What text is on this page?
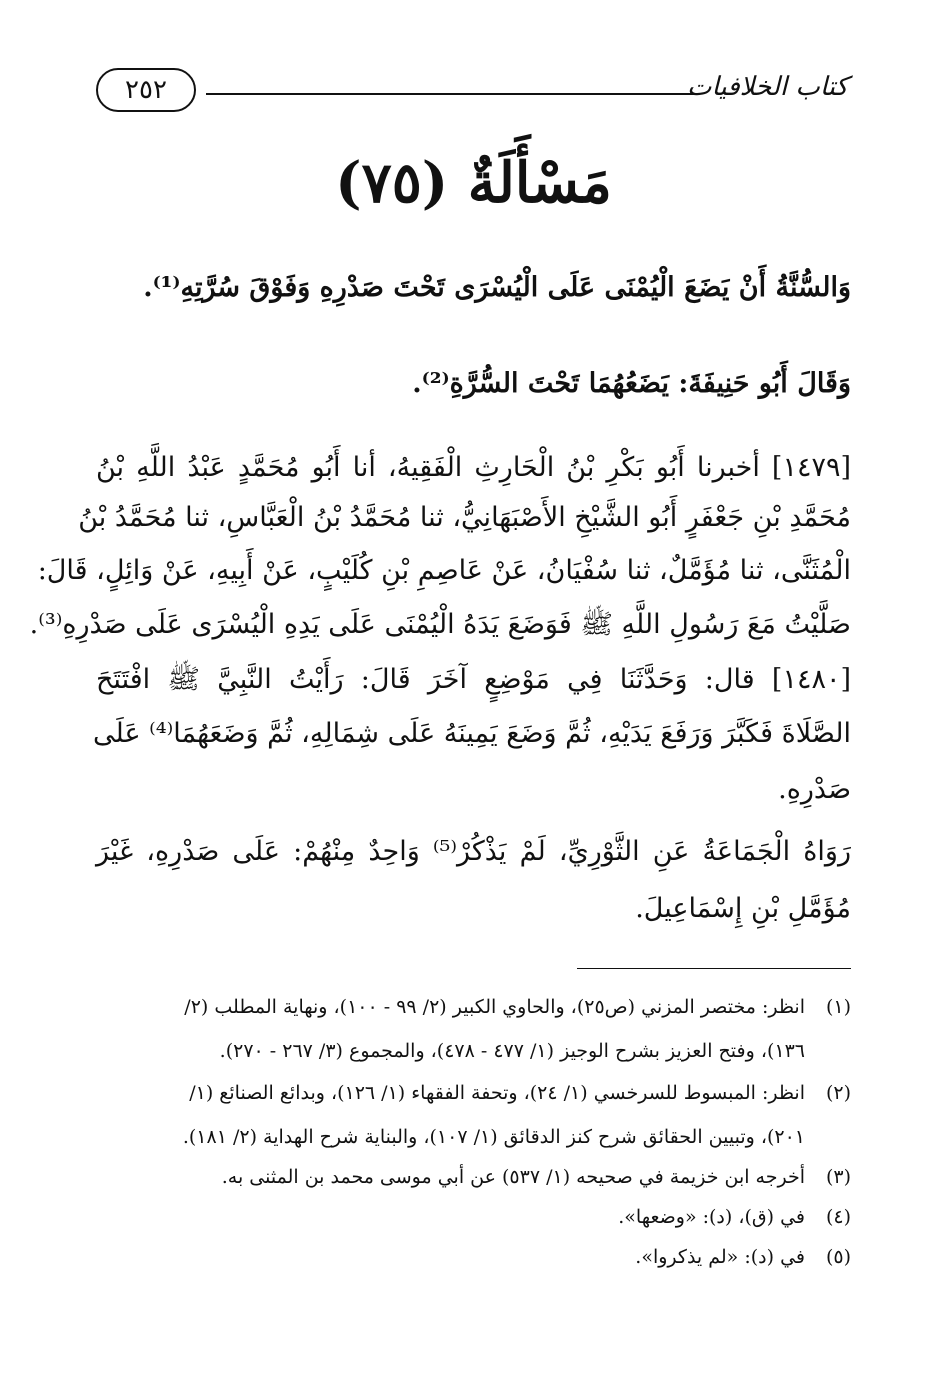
كتاب الخلافيات
٢٥٢
مَسْأَلَةٌ (٧٥)
وَالسُّنَّةُ أَنْ يَضَعَ الْيُمْنَى عَلَى الْيُسْرَى تَحْتَ صَدْرِهِ وَفَوْقَ سُرَّتِهِ⁽¹⁾.
وَقَالَ أَبُو حَنِيفَةَ: يَضَعُهُمَا تَحْتَ السُّرَّةِ⁽²⁾.
[١٤٧٩] أخبرنا أَبُو بَكْرِ بْنُ الْحَارِثِ الْفَقِيهُ، أنا أَبُو مُحَمَّدٍ عَبْدُ اللَّهِ بْنُ
مُحَمَّدِ بْنِ جَعْفَرٍ أَبُو الشَّيْخِ الأَصْبَهَانِيُّ، ثنا مُحَمَّدُ بْنُ الْعَبَّاسِ، ثنا مُحَمَّدُ بْنُ
الْمُثَنَّى، ثنا مُؤَمَّلٌ، ثنا سُفْيَانُ، عَنْ عَاصِمِ بْنِ كُلَيْبٍ، عَنْ أَبِيهِ، عَنْ وَائِلٍ، قَالَ:
صَلَّيْتُ مَعَ رَسُولِ اللَّهِ ﷺ فَوَضَعَ يَدَهُ الْيُمْنَى عَلَى يَدِهِ الْيُسْرَى عَلَى صَدْرِهِ⁽³⁾.
[١٤٨٠] قال: وَحَدَّثَنَا فِي مَوْضِعٍ آخَرَ قَالَ: رَأَيْتُ النَّبِيَّ ﷺ افْتَتَحَ
الصَّلَاةَ فَكَبَّرَ وَرَفَعَ يَدَيْهِ، ثُمَّ وَضَعَ يَمِينَهُ عَلَى شِمَالِهِ، ثُمَّ وَضَعَهُمَا⁽⁴⁾ عَلَى
صَدْرِهِ.
رَوَاهُ الْجَمَاعَةُ عَنِ الثَّوْرِيِّ، لَمْ يَذْكُرْ⁽⁵⁾ وَاحِدٌ مِنْهُمْ: عَلَى صَدْرِهِ، غَيْرَ
مُؤَمَّلِ بْنِ إِسْمَاعِيلَ.
(١)انظر: مختصر المزني (ص٢٥)، والحاوي الكبير (٢/ ٩٩ - ١٠٠)، ونهاية المطلب (٢/
١٣٦)، وفتح العزيز بشرح الوجيز (١/ ٤٧٧ - ٤٧٨)، والمجموع (٣/ ٢٦٧ - ٢٧٠).
(٢)انظر: المبسوط للسرخسي (١/ ٢٤)، وتحفة الفقهاء (١/ ١٢٦)، وبدائع الصنائع (١/
٢٠١)، وتبيين الحقائق شرح كنز الدقائق (١/ ١٠٧)، والبناية شرح الهداية (٢/ ١٨١).
(٣)أخرجه ابن خزيمة في صحيحه (١/ ٥٣٧) عن أبي موسى محمد بن المثنى به.
(٤)في (ق)، (د): «وضعها».
(٥)في (د): «لم يذكروا».
